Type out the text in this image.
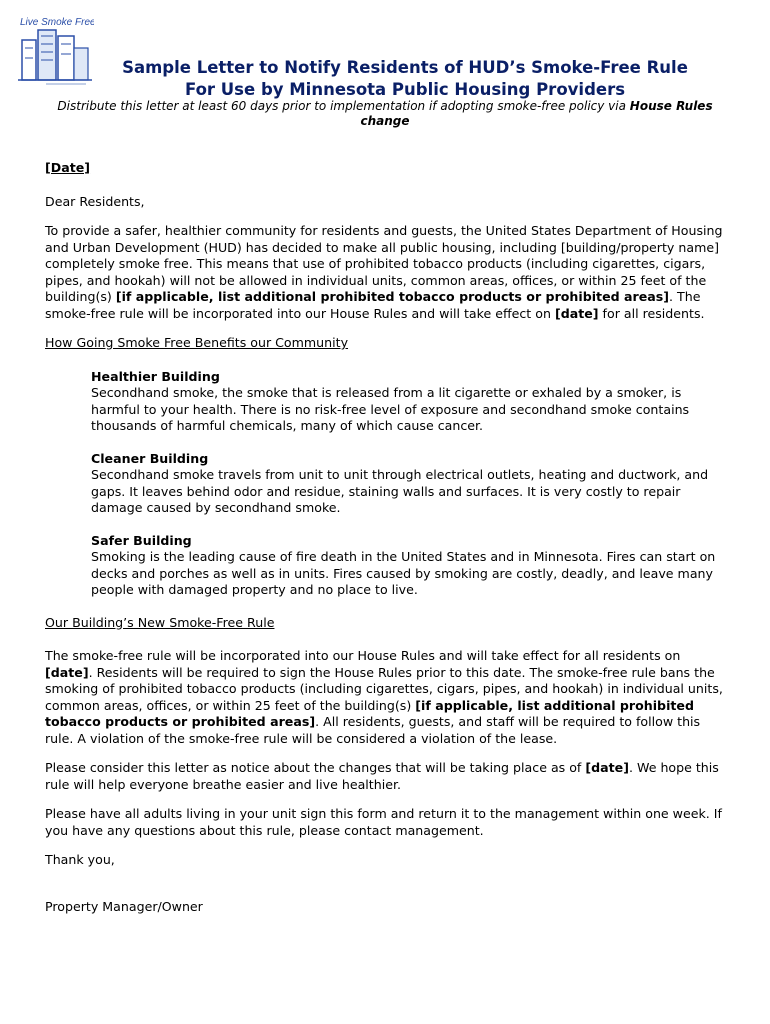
Live Smoke Free
Sample Letter to Notify Residents of HUD’s Smoke-Free Rule
For Use by Minnesota Public Housing Providers
Distribute this letter at least 60 days prior to implementation if adopting smoke-free policy via House Rules change

[Date]

Dear Residents,

To provide a safer, healthier community for residents and guests, the United States Department of Housing and Urban Development (HUD) has decided to make all public housing, including [building/property name] completely smoke free. This means that use of prohibited tobacco products (including cigarettes, cigars, pipes, and hookah) will not be allowed in individual units, common areas, offices, or within 25 feet of the building(s) [if applicable, list additional prohibited tobacco products or prohibited areas]. The smoke-free rule will be incorporated into our House Rules and will take effect on [date] for all residents.

How Going Smoke Free Benefits our Community

Healthier Building

Secondhand smoke, the smoke that is released from a lit cigarette or exhaled by a smoker, is harmful to your health. There is no risk-free level of exposure and secondhand smoke contains thousands of harmful chemicals, many of which cause cancer.

Cleaner Building

Secondhand smoke travels from unit to unit through electrical outlets, heating and ductwork, and gaps. It leaves behind odor and residue, staining walls and surfaces. It is very costly to repair damage caused by secondhand smoke.

Safer Building

Smoking is the leading cause of fire death in the United States and in Minnesota. Fires can start on decks and porches as well as in units. Fires caused by smoking are costly, deadly, and leave many people with damaged property and no place to live.

Our Building’s New Smoke-Free Rule

The smoke-free rule will be incorporated into our House Rules and will take effect for all residents on [date]. Residents will be required to sign the House Rules prior to this date. The smoke-free rule bans the smoking of prohibited tobacco products (including cigarettes, cigars, pipes, and hookah) in individual units, common areas, offices, or within 25 feet of the building(s) [if applicable, list additional prohibited tobacco products or prohibited areas]. All residents, guests, and staff will be required to follow this rule. A violation of the smoke-free rule will be considered a violation of the lease.

Please consider this letter as notice about the changes that will be taking place as of [date]. We hope this rule will help everyone breathe easier and live healthier.

Please have all adults living in your unit sign this form and return it to the management within one week. If you have any questions about this rule, please contact management.

Thank you,

Property Manager/Owner
